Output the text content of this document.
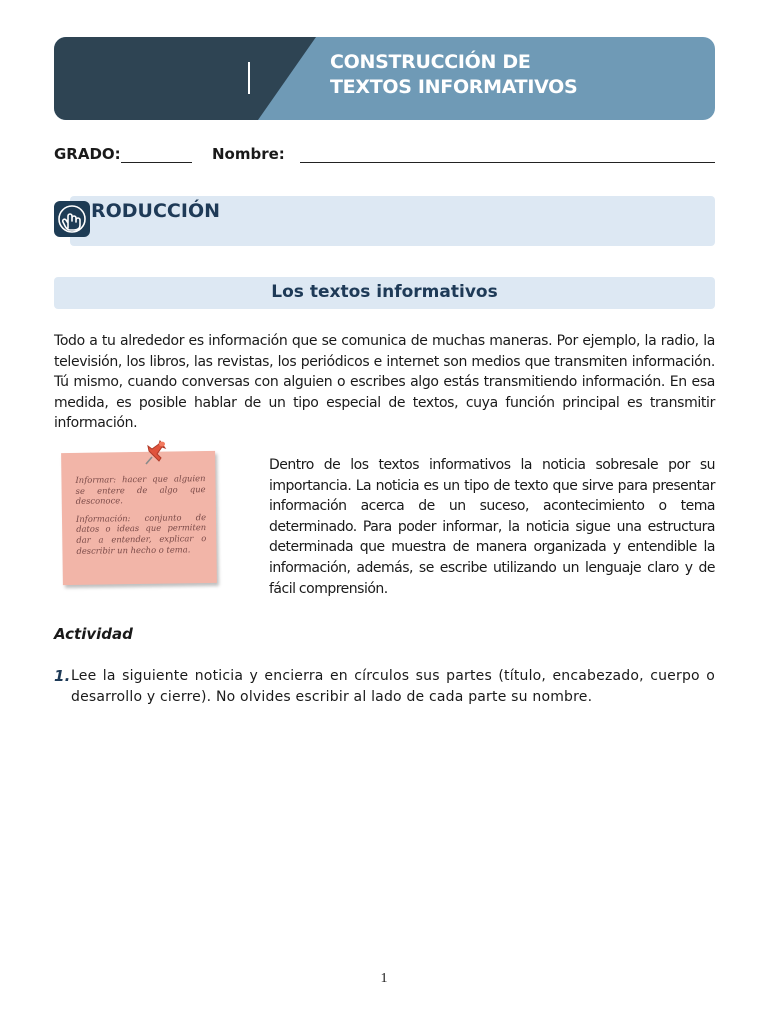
CONSTRUCCIÓN DE
TEXTOS INFORMATIVOS
GRADO:	Nombre:
RODUCCIÓN
Los textos informativos
Todo a tu alrededor es información que se comunica de muchas maneras. Por ejemplo, la radio, la televisión, los libros, las revistas, los periódicos e internet son medios que transmiten información. Tú mismo, cuando conversas con alguien o escribes algo estás transmitiendo información. En esa medida, es posible hablar de un tipo especial de textos, cuya función principal es transmitir información.

Informar: hacer que alguien se entere de algo que desconoce.

Información: conjunto de datos o ideas que permiten dar a entender, explicar o describir un hecho o tema.

Dentro de los textos informativos la noticia sobresale por su importancia. La noticia es un tipo de texto que sirve para presentar información acerca de un suceso, acontecimiento o tema determinado. Para poder informar, la noticia sigue una estructura determinada que muestra de manera organizada y entendible la información, además, se escribe utilizando un lenguaje claro y de fácil comprensión.
Actividad
1. Lee la siguiente noticia y encierra en círculos sus partes (título, encabezado, cuerpo o desarrollo y cierre). No olvides escribir al lado de cada parte su nombre.
1
